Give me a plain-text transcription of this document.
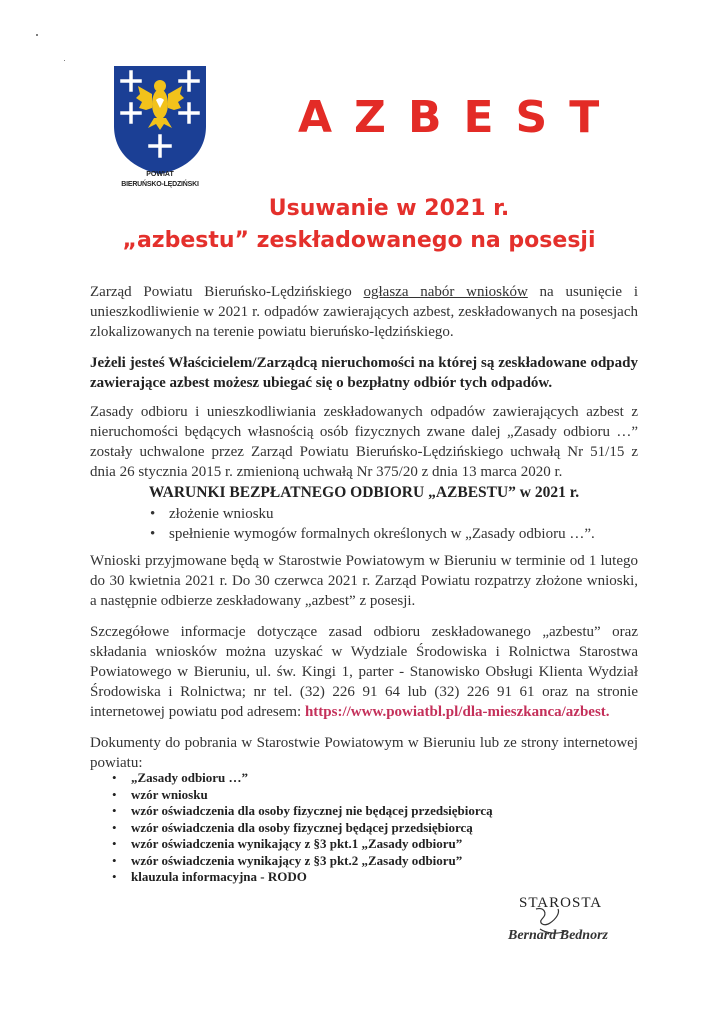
POWIAT
BIERUŃSKO-LĘDZIŃSKI
AZBEST
Usuwanie w 2021 r.
„azbestu” zeskładowanego na posesji
Zarząd Powiatu Bieruńsko-Lędzińskiego ogłasza nabór wniosków na usunięcie i unieszkodliwienie w 2021 r. odpadów zawierających azbest, zeskładowanych na posesjach zlokalizowanych na terenie powiatu bieruńsko-lędzińskiego.
Jeżeli jesteś Właścicielem/Zarządcą nieruchomości na której są zeskładowane odpady zawierające azbest możesz ubiegać się o bezpłatny odbiór tych odpadów.
Zasady odbioru i unieszkodliwiania zeskładowanych odpadów zawierających azbest z nieruchomości będących własnością osób fizycznych zwane dalej „Zasady odbioru …” zostały uchwalone przez Zarząd Powiatu Bieruńsko-Lędzińskiego uchwałą Nr 51/15 z dnia 26 stycznia 2015 r. zmienioną uchwałą Nr 375/20 z dnia 13 marca 2020 r.
WARUNKI BEZPŁATNEGO ODBIORU „AZBESTU” w 2021 r.
• złożenie wniosku
• spełnienie wymogów formalnych określonych w „Zasady odbioru …”.
Wnioski przyjmowane będą w Starostwie Powiatowym w Bieruniu w terminie od 1 lutego do 30 kwietnia 2021 r. Do 30 czerwca 2021 r. Zarząd Powiatu rozpatrzy złożone wnioski, a następnie odbierze zeskładowany „azbest” z posesji.
Szczegółowe informacje dotyczące zasad odbioru zeskładowanego „azbestu” oraz składania wniosków można uzyskać w Wydziale Środowiska i Rolnictwa Starostwa Powiatowego w Bieruniu, ul. św. Kingi 1, parter - Stanowisko Obsługi Klienta Wydział Środowiska i Rolnictwa; nr tel. (32) 226 91 64 lub (32) 226 91 61 oraz na stronie internetowej powiatu pod adresem: https://www.powiatbl.pl/dla-mieszkanca/azbest.
Dokumenty do pobrania w Starostwie Powiatowym w Bieruniu lub ze strony internetowej powiatu:
• „Zasady odbioru …”
• wzór wniosku
• wzór oświadczenia dla osoby fizycznej nie będącej przedsiębiorcą
• wzór oświadczenia dla osoby fizycznej będącej przedsiębiorcą
• wzór oświadczenia wynikający z §3 pkt.1 „Zasady odbioru”
• wzór oświadczenia wynikający z §3 pkt.2 „Zasady odbioru”
• klauzula informacyjna - RODO
STAROSTA
Bernard Bednorz
